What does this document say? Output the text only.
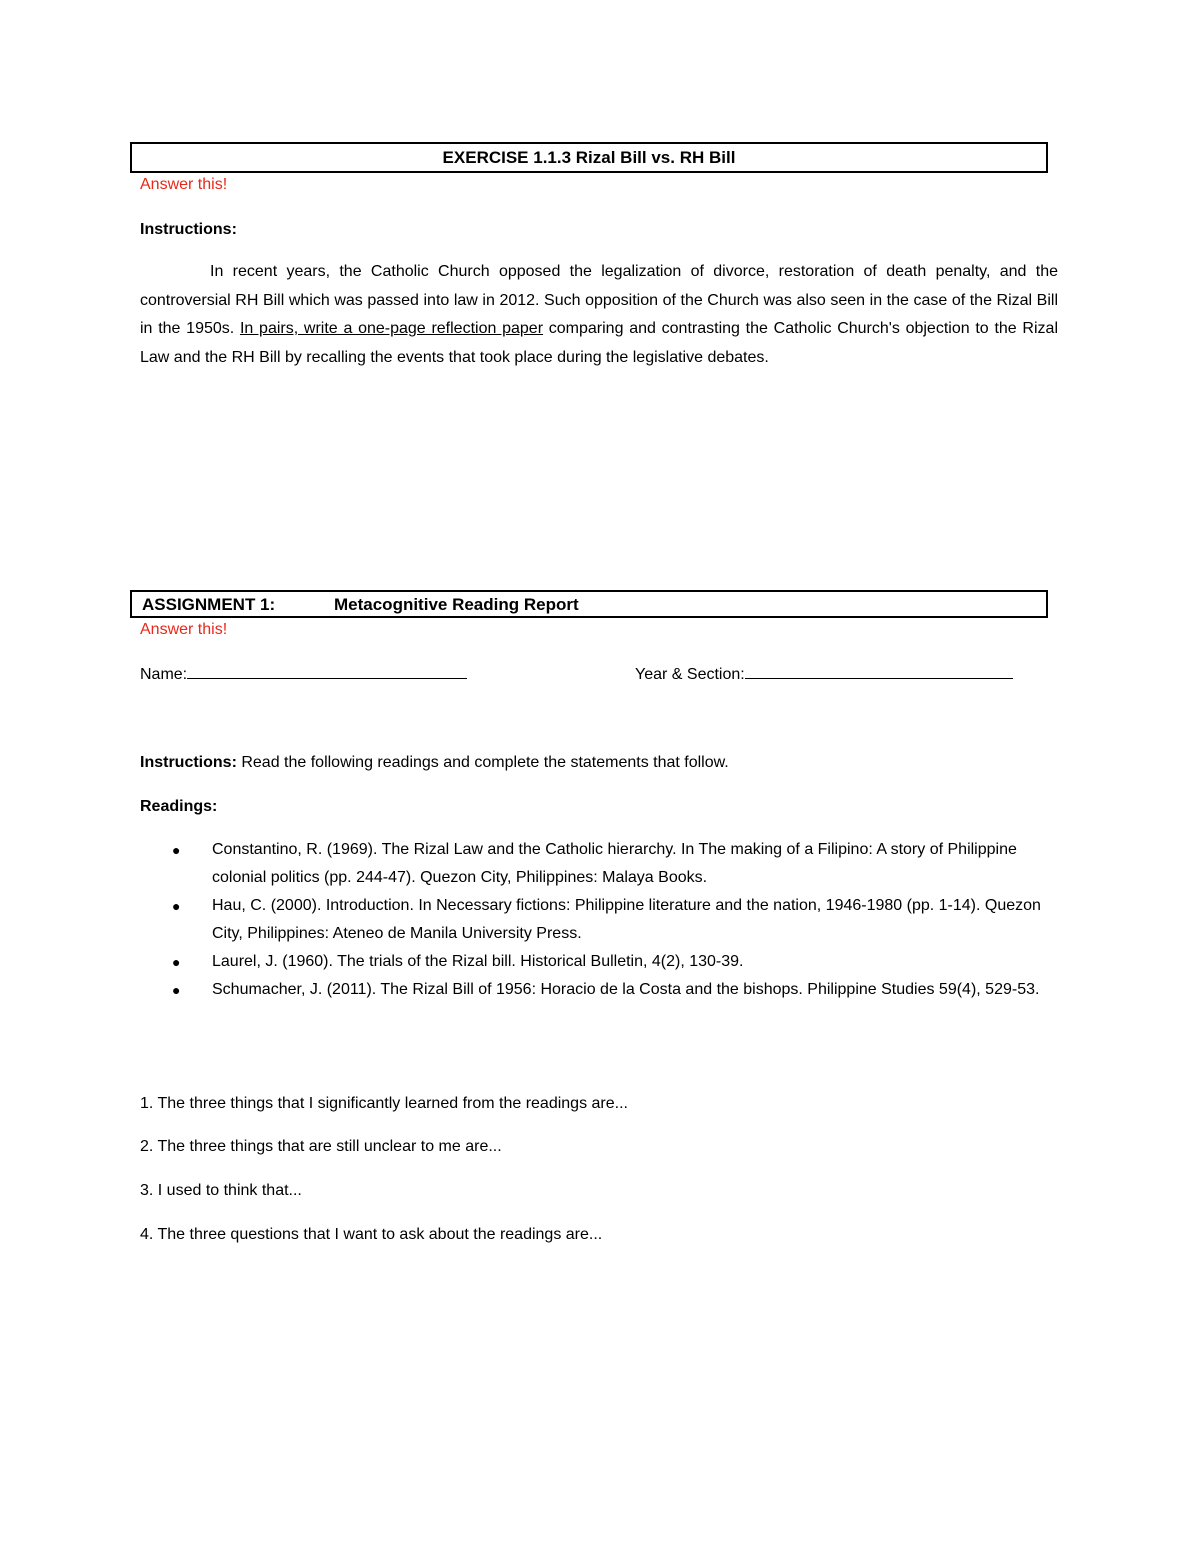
EXERCISE 1.1.3 Rizal Bill vs. RH Bill
Answer this!
Instructions:
In recent years, the Catholic Church opposed the legalization of divorce, restoration of death penalty, and the controversial RH Bill which was passed into law in 2012. Such opposition of the Church was also seen in the case of the Rizal Bill in the 1950s. In pairs, write a one-page reflection paper comparing and contrasting the Catholic Church's objection to the Rizal Law and the RH Bill by recalling the events that took place during the legislative debates.
ASSIGNMENT 1:	Metacognitive Reading Report
Answer this!
Name:	Year & Section:
Instructions: Read the following readings and complete the statements that follow.
Readings:
● Constantino, R. (1969). The Rizal Law and the Catholic hierarchy. In The making of a Filipino: A story of Philippine colonial politics (pp. 244-47). Quezon City, Philippines: Malaya Books.
● Hau, C. (2000). Introduction. In Necessary fictions: Philippine literature and the nation, 1946-1980 (pp. 1-14). Quezon City, Philippines: Ateneo de Manila University Press.
● Laurel, J. (1960). The trials of the Rizal bill. Historical Bulletin, 4(2), 130-39.
● Schumacher, J. (2011). The Rizal Bill of 1956: Horacio de la Costa and the bishops. Philippine Studies 59(4), 529-53.
1. The three things that I significantly learned from the readings are...
2. The three things that are still unclear to me are...
3. I used to think that...
4. The three questions that I want to ask about the readings are...
